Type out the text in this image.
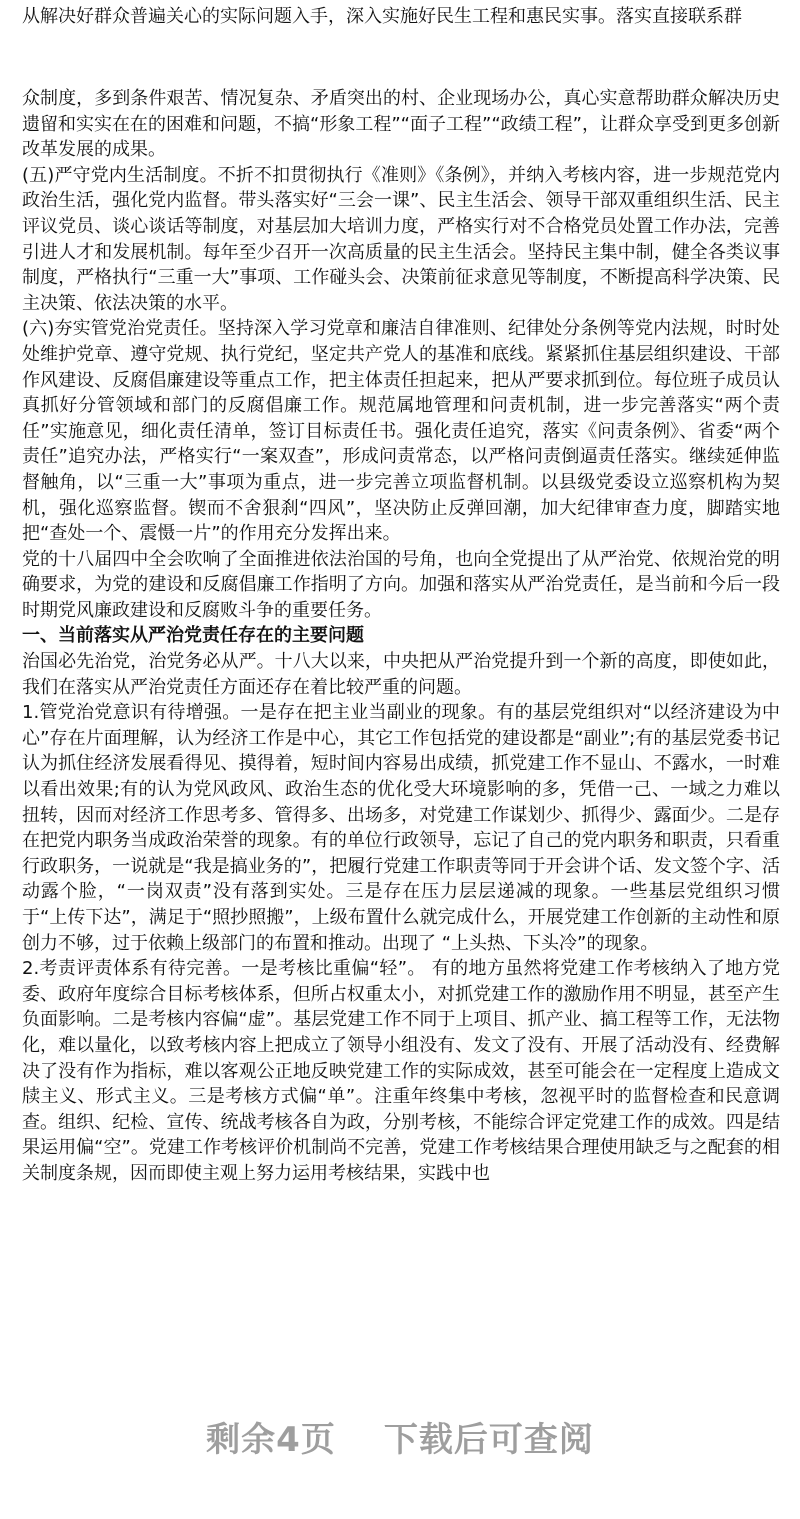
从解决好群众普遍关心的实际问题入手，深入实施好民生工程和惠民实事。落实直接联系群

众制度，多到条件艰苦、情况复杂、矛盾突出的村、企业现场办公，真心实意帮助群众解决历史遗留和实实在在的困难和问题，不搞“形象工程”“面子工程”“政绩工程”，让群众享受到更多创新改革发展的成果。

(五)严守党内生活制度。不折不扣贯彻执行《准则》《条例》，并纳入考核内容，进一步规范党内政治生活，强化党内监督。带头落实好“三会一课”、民主生活会、领导干部双重组织生活、民主评议党员、谈心谈话等制度，对基层加大培训力度，严格实行对不合格党员处置工作办法，完善引进人才和发展机制。每年至少召开一次高质量的民主生活会。坚持民主集中制，健全各类议事制度，严格执行“三重一大”事项、工作碰头会、决策前征求意见等制度，不断提高科学决策、民主决策、依法决策的水平。

(六)夯实管党治党责任。坚持深入学习党章和廉洁自律准则、纪律处分条例等党内法规，时时处处维护党章、遵守党规、执行党纪，坚定共产党人的基准和底线。紧紧抓住基层组织建设、干部作风建设、反腐倡廉建设等重点工作，把主体责任担起来，把从严要求抓到位。每位班子成员认真抓好分管领域和部门的反腐倡廉工作。规范属地管理和问责机制，进一步完善落实“两个责任”实施意见，细化责任清单，签订目标责任书。强化责任追究，落实《问责条例》、省委“两个责任”追究办法，严格实行“一案双查”，形成问责常态，以严格问责倒逼责任落实。继续延伸监督触角，以“三重一大”事项为重点，进一步完善立项监督机制。以县级党委设立巡察机构为契机，强化巡察监督。锲而不舍狠刹“四风”，坚决防止反弹回潮，加大纪律审查力度，脚踏实地把“查处一个、震慑一片”的作用充分发挥出来。

党的十八届四中全会吹响了全面推进依法治国的号角，也向全党提出了从严治党、依规治党的明确要求，为党的建设和反腐倡廉工作指明了方向。加强和落实从严治党责任，是当前和今后一段时期党风廉政建设和反腐败斗争的重要任务。

一、当前落实从严治党责任存在的主要问题

治国必先治党，治党务必从严。十八大以来，中央把从严治党提升到一个新的高度，即使如此，我们在落实从严治党责任方面还存在着比较严重的问题。

1.管党治党意识有待增强。一是存在把主业当副业的现象。有的基层党组织对“以经济建设为中心”存在片面理解，认为经济工作是中心，其它工作包括党的建设都是“副业”;有的基层党委书记认为抓住经济发展看得见、摸得着，短时间内容易出成绩，抓党建工作不显山、不露水，一时难以看出效果;有的认为党风政风、政治生态的优化受大环境影响的多，凭借一己、一域之力难以扭转，因而对经济工作思考多、管得多、出场多，对党建工作谋划少、抓得少、露面少。二是存在把党内职务当成政治荣誉的现象。有的单位行政领导，忘记了自己的党内职务和职责，只看重行政职务，一说就是“我是搞业务的”，把履行党建工作职责等同于开会讲个话、发文签个字、活动露个脸，“一岗双责”没有落到实处。三是存在压力层层递减的现象。一些基层党组织习惯于“上传下达”，满足于“照抄照搬”，上级布置什么就完成什么，开展党建工作创新的主动性和原创力不够，过于依赖上级部门的布置和推动。出现了 “上头热、下头冷”的现象。

2.考责评责体系有待完善。一是考核比重偏“轻”。 有的地方虽然将党建工作考核纳入了地方党委、政府年度综合目标考核体系，但所占权重太小，对抓党建工作的激励作用不明显，甚至产生负面影响。二是考核内容偏“虚”。基层党建工作不同于上项目、抓产业、搞工程等工作，无法物化，难以量化，以致考核内容上把成立了领导小组没有、发文了没有、开展了活动没有、经费解决了没有作为指标，难以客观公正地反映党建工作的实际成效，甚至可能会在一定程度上造成文牍主义、形式主义。三是考核方式偏“单”。注重年终集中考核，忽视平时的监督检查和民意调查。组织、纪检、宣传、统战考核各自为政，分别考核，不能综合评定党建工作的成效。四是结果运用偏“空”。党建工作考核评价机制尚不完善，党建工作考核结果合理使用缺乏与之配套的相关制度条规，因而即使主观上努力运用考核结果，实践中也

剩余4页 下载后可查阅
